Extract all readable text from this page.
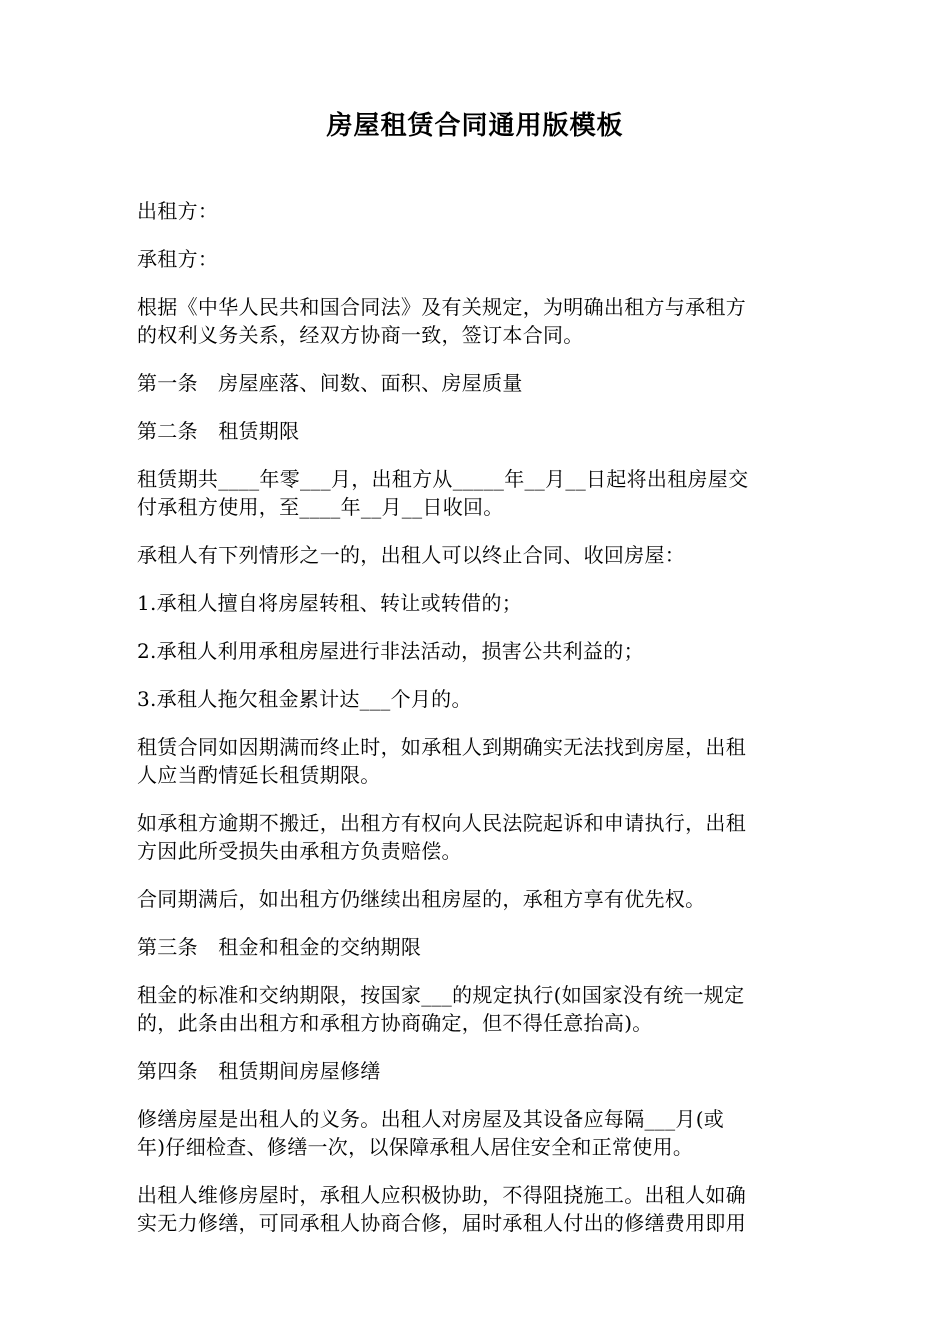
房屋租赁合同通用版模板

出租方：

承租方：

根据《中华人民共和国合同法》及有关规定，为明确出租方与承租方
的权利义务关系，经双方协商一致，签订本合同。

第一条　房屋座落、间数、面积、房屋质量

第二条　租赁期限

租赁期共____年零___月，出租方从_____年__月__日起将出租房屋交
付承租方使用，至____年__月__日收回。

承租人有下列情形之一的，出租人可以终止合同、收回房屋：

1.承租人擅自将房屋转租、转让或转借的；

2.承租人利用承租房屋进行非法活动，损害公共利益的；

3.承租人拖欠租金累计达___个月的。

租赁合同如因期满而终止时，如承租人到期确实无法找到房屋，出租
人应当酌情延长租赁期限。

如承租方逾期不搬迁，出租方有权向人民法院起诉和申请执行，出租
方因此所受损失由承租方负责赔偿。

合同期满后，如出租方仍继续出租房屋的，承租方享有优先权。

第三条　租金和租金的交纳期限

租金的标准和交纳期限，按国家___的规定执行(如国家没有统一规定
的，此条由出租方和承租方协商确定，但不得任意抬高)。

第四条　租赁期间房屋修缮

修缮房屋是出租人的义务。出租人对房屋及其设备应每隔___月(或
年)仔细检查、修缮一次，以保障承租人居住安全和正常使用。

出租人维修房屋时，承租人应积极协助，不得阻挠施工。出租人如确
实无力修缮，可同承租人协商合修，届时承租人付出的修缮费用即用
